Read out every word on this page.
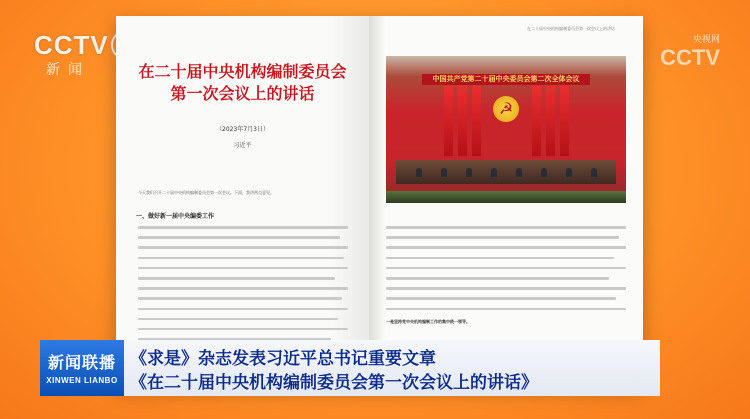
CCTV
新闻
央视网
CCTV
在二十届中央机构编制委员会
第一次会议上的讲话
（2023年7月3日）
习近平
今天我们召开二十届中央机构编制委员会第一次会议。下面，我讲两点意见。
一、做好新一届中央编委工作
在二十届中央机构编制委员会第一次会议上的讲话
中国共产党第二十届中央委员会第二次全体会议
☭
一是坚持党中央机构编制工作的集中统一领导。
新闻联播
XINWEN LIANBO
《求是》杂志发表习近平总书记重要文章
《在二十届中央机构编制委员会第一次会议上的讲话》
